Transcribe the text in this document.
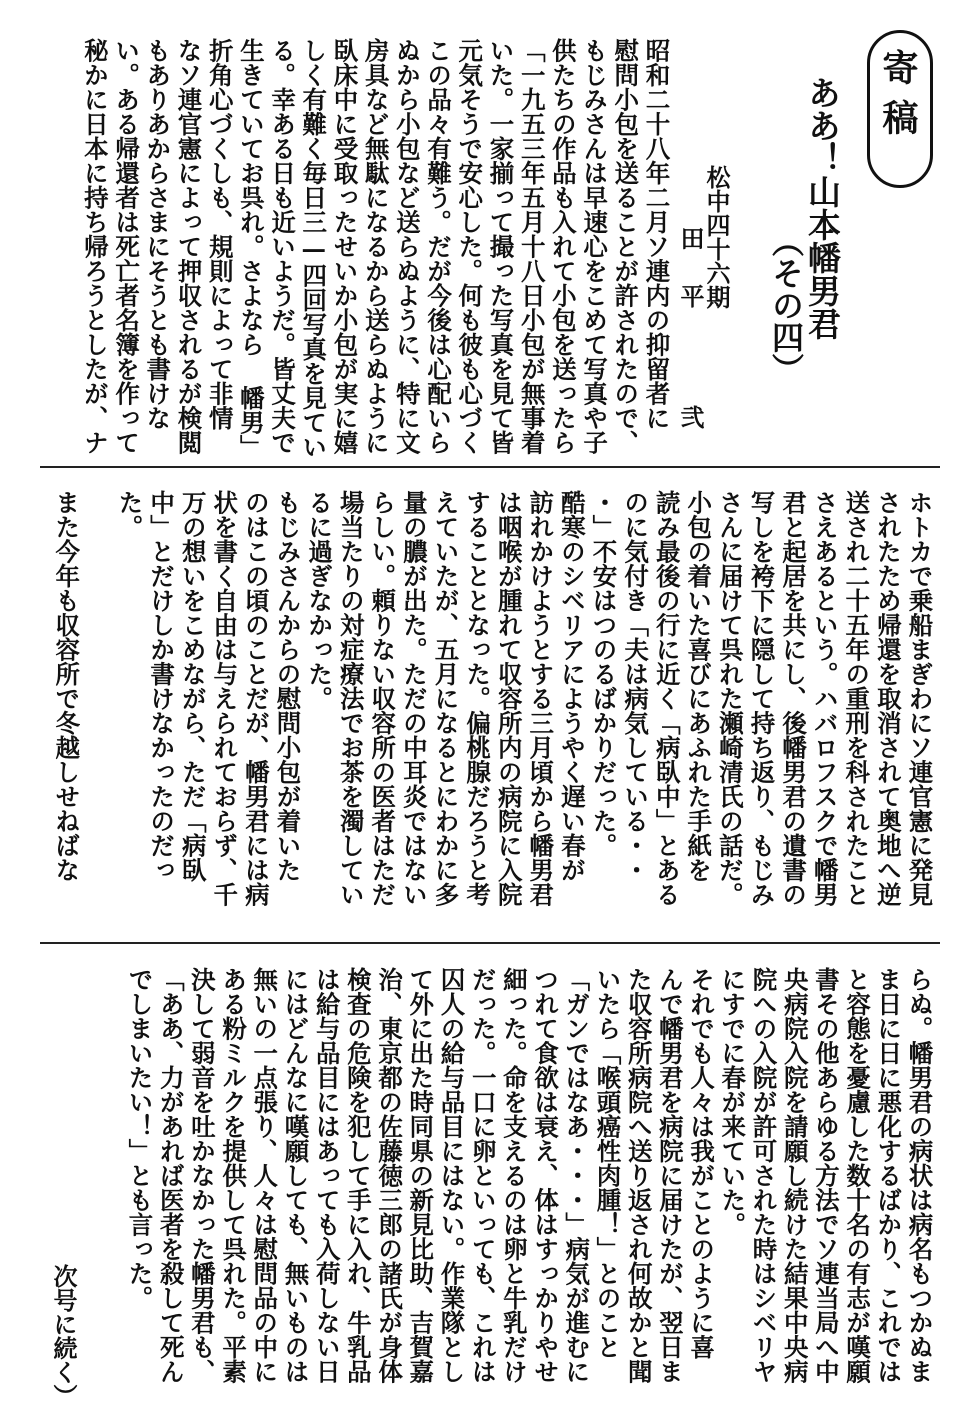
寄稿
ああ！山本幡男君
（その四）
松中四十六期
田平 弐
昭和二十八年二月ソ連内の抑留者に
慰問小包を送ることが許されたので、
もじみさんは早速心をこめて写真や子
供たちの作品も入れて小包を送ったら
「一九五三年五月十八日小包が無事着
いた。一家揃って撮った写真を見て皆
元気そうで安心した。何も彼も心づく
この品々有難う。だが今後は心配いら
ぬから小包など送らぬように、特に文
房具など無駄になるから送らぬように
臥床中に受取ったせいか小包が実に嬉
しく有難く毎日三—四回写真を見てい
る。幸ある日も近いようだ。皆丈夫で
生きていてお呉れ。さよなら 幡男」
折角心づくしも、規則によって非情
なソ連官憲によって押収されるが検閲
もありあからさまにそうとも書けな
い。ある帰還者は死亡者名簿を作って
秘かに日本に持ち帰ろうとしたが、ナ
ホトカで乗船まぎわにソ連官憲に発見
されたため帰還を取消されて奥地へ逆
送され二十五年の重刑を科されたこと
さえあるという。ハバロフスクで幡男
君と起居を共にし、後幡男君の遺書の
写しを袴下に隠して持ち返り、もじみ
さんに届けて呉れた瀬崎清氏の話だ。
小包の着いた喜びにあふれた手紙を
読み最後の行に近く「病臥中」とある
のに気付き「夫は病気している・・
・」不安はつのるばかりだった。
酷寒のシベリアにようやく遅い春が
訪れかけようとする三月頃から幡男君
は咽喉が腫れて収容所内の病院に入院
することとなった。偏桃腺だろうと考
えていたが、五月になるとにわかに多
量の膿が出た。ただの中耳炎ではない
らしい。頼りない収容所の医者はただ
場当たりの対症療法でお茶を濁してい
るに過ぎなかった。
もじみさんからの慰問小包が着いた
のはこの頃のことだが、幡男君には病
状を書く自由は与えられておらず、千
万の想いをこめながら、ただ「病臥
中」とだけしか書けなかったのだっ
た。
また今年も収容所で冬越しせねばな
らぬ。幡男君の病状は病名もつかぬま
ま日に日に悪化するばかり、これでは
と容態を憂慮した数十名の有志が嘆願
書その他あらゆる方法でソ連当局へ中
央病院入院を請願し続けた結果中央病
院への入院が許可された時はシベリヤ
にすでに春が来ていた。
それでも人々は我がことのように喜
んで幡男君を病院に届けたが、翌日ま
た収容所病院へ送り返され何故かと聞
いたら「喉頭癌性肉腫！」とのこと
「ガンではなあ・・・」病気が進むに
つれて食欲は衰え、体はすっかりやせ
細った。命を支えるのは卵と牛乳だけ
だった。一口に卵といっても、これは
囚人の給与品目にはない。作業隊とし
て外に出た時同県の新見比助、吉賀嘉
治、東京都の佐藤徳三郎の諸氏が身体
検査の危険を犯して手に入れ、牛乳品
は給与品目にはあっても入荷しない日
にはどんなに嘆願しても、無いものは
無いの一点張り、人々は慰問品の中に
ある粉ミルクを提供して呉れた。平素
決して弱音を吐かなかった幡男君も、
「ああ、力があれば医者を殺して死ん
でしまいたい！」とも言った。
次号に続く）
